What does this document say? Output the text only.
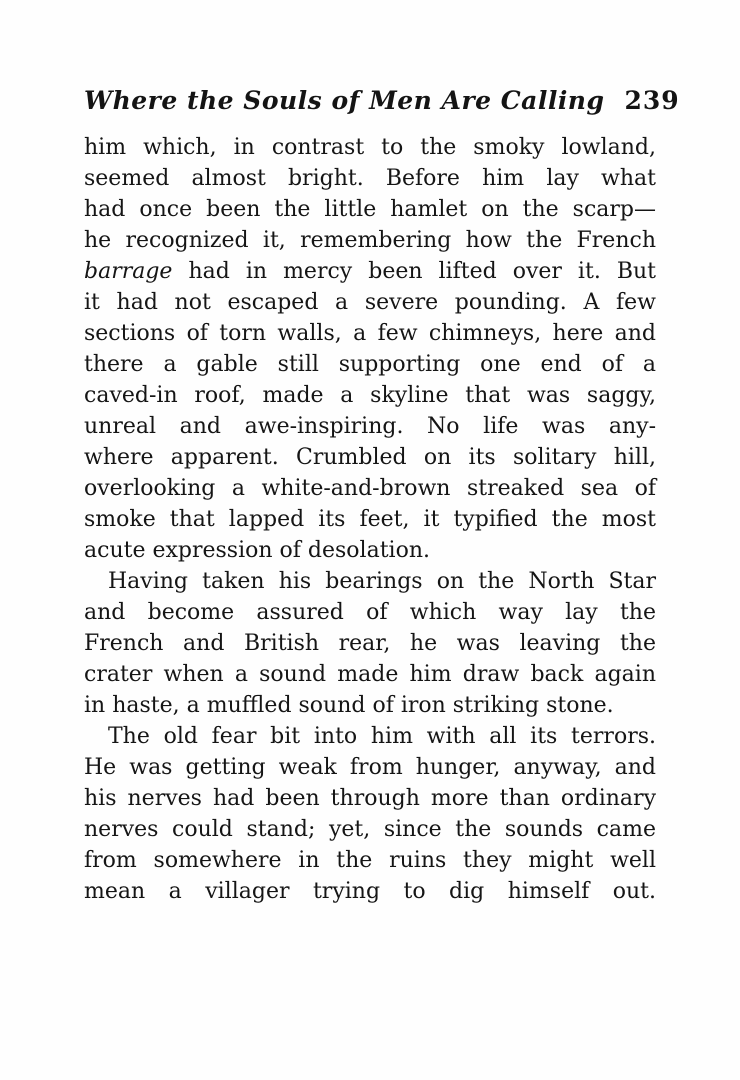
Where the Souls of Men Are Calling 239
him which, in contrast to the smoky lowland,
seemed almost bright. Before him lay what
had once been the little hamlet on the scarp—
he recognized it, remembering how the French
barrage had in mercy been lifted over it. But
it had not escaped a severe pounding. A few
sections of torn walls, a few chimneys, here and
there a gable still supporting one end of a
caved-in roof, made a skyline that was saggy,
unreal and awe-inspiring. No life was any-
where apparent. Crumbled on its solitary hill,
overlooking a white-and-brown streaked sea of
smoke that lapped its feet, it typified the most
acute expression of desolation.
Having taken his bearings on the North Star
and become assured of which way lay the
French and British rear, he was leaving the
crater when a sound made him draw back again
in haste, a muffled sound of iron striking stone.
The old fear bit into him with all its terrors.
He was getting weak from hunger, anyway, and
his nerves had been through more than ordinary
nerves could stand; yet, since the sounds came
from somewhere in the ruins they might well
mean a villager trying to dig himself out.
